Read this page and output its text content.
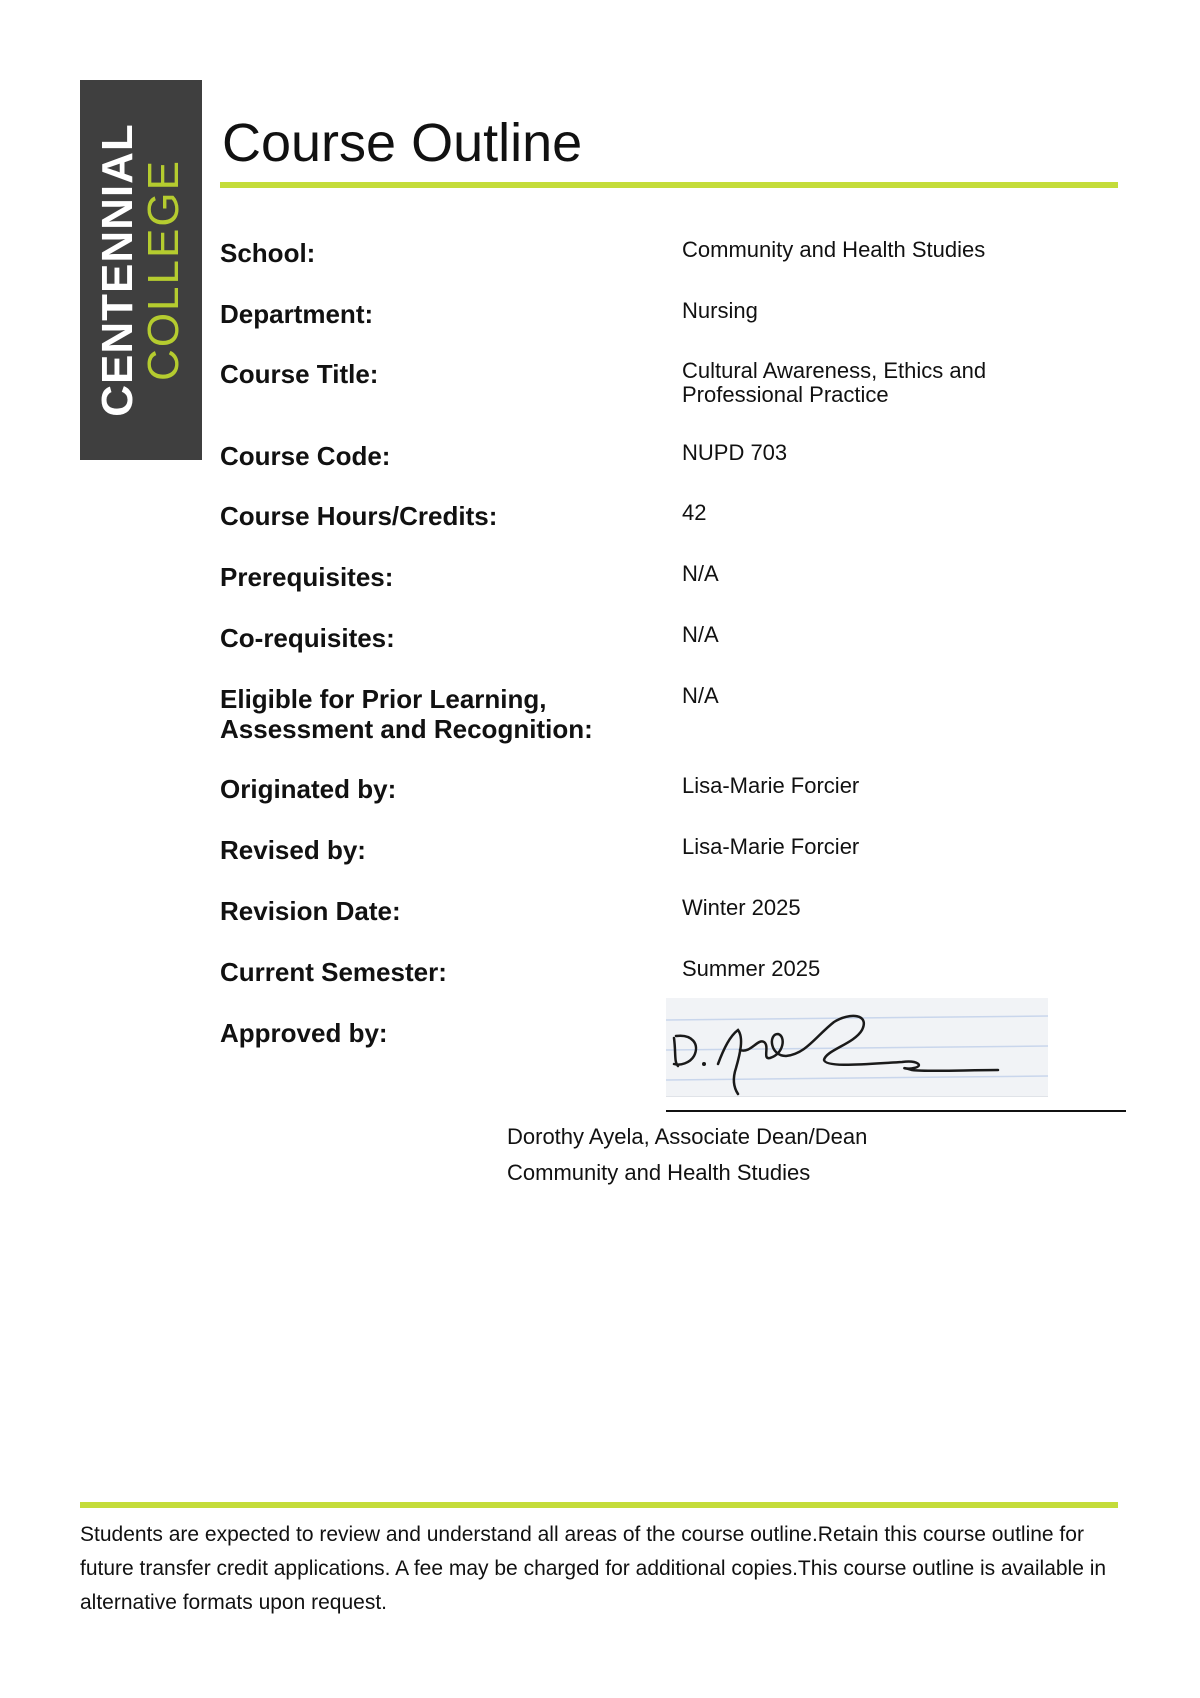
CENTENNIAL
COLLEGE
Course Outline
School:	Community and Health Studies
Department:	Nursing
Course Title:	Cultural Awareness, Ethics and
Professional Practice
Course Code:	NUPD 703
Course Hours/Credits:	42
Prerequisites:	N/A
Co-requisites:	N/A
Eligible for Prior Learning,
Assessment and Recognition:
N/A
Originated by:	Lisa-Marie Forcier
Revised by:	Lisa-Marie Forcier
Revision Date:	Winter 2025
Current Semester:	Summer 2025
Approved by:
Dorothy Ayela, Associate Dean/Dean
Community and Health Studies

Students are expected to review and understand all areas of the course outline.Retain this course outline for future transfer credit applications. A fee may be charged for additional copies.This course outline is available in alternative formats upon request.
